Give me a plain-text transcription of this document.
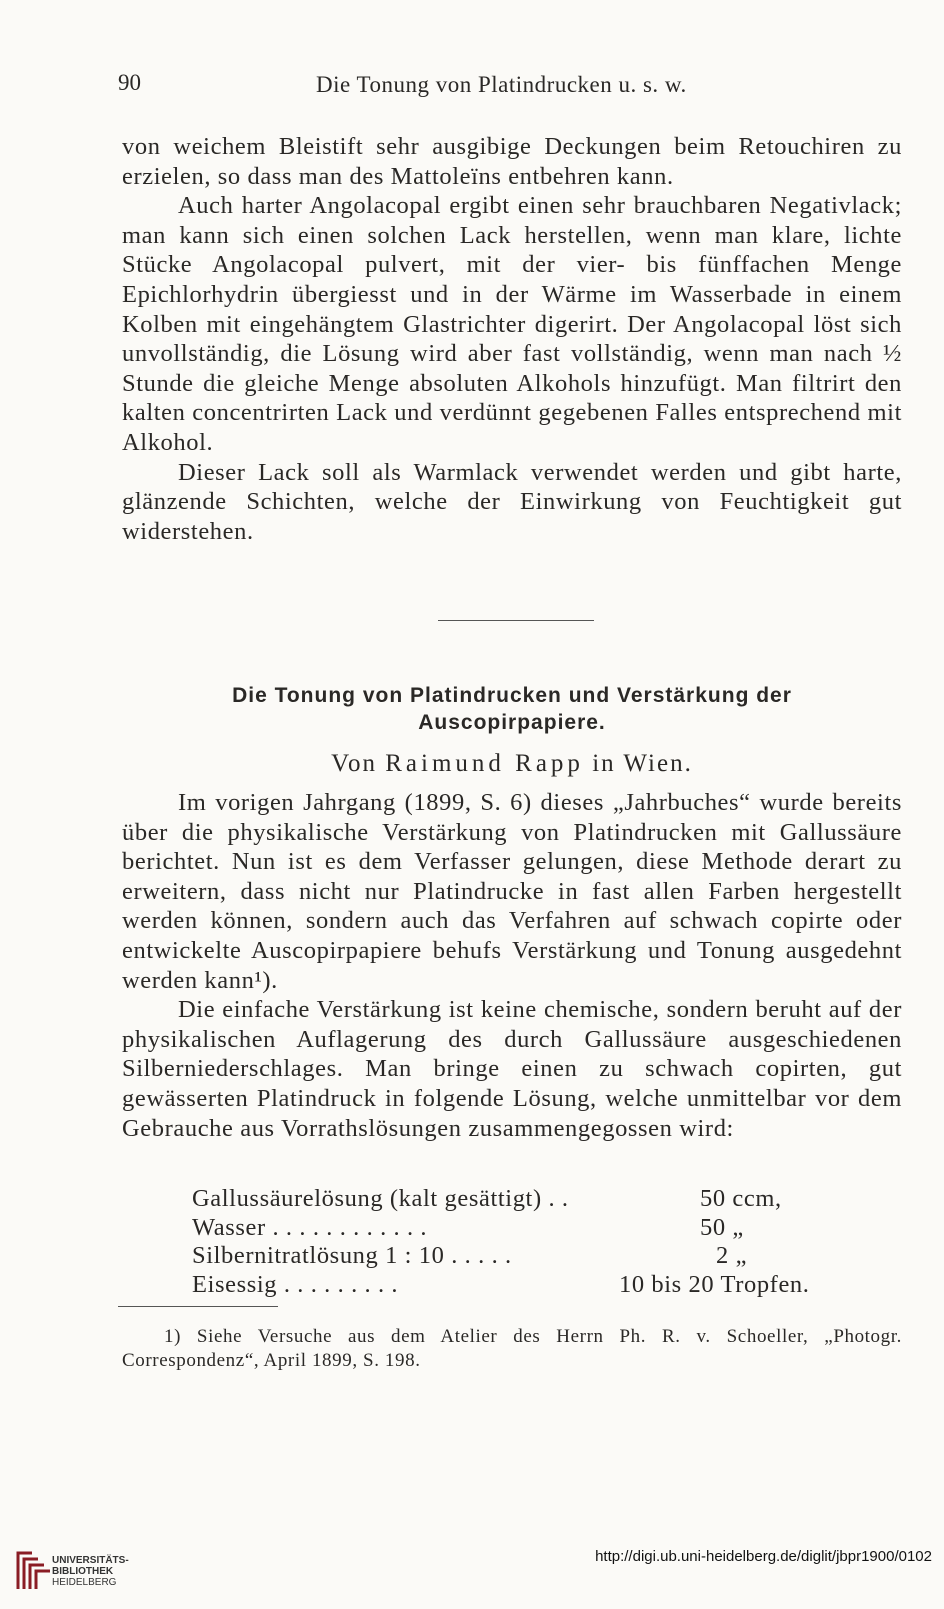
90	Die Tonung von Platindrucken u. s. w.

von weichem Bleistift sehr ausgibige Deckungen beim Retouchiren zu erzielen, so dass man des Mattoleïns entbehren kann.

Auch harter Angolacopal ergibt einen sehr brauchbaren Negativlack; man kann sich einen solchen Lack herstellen, wenn man klare, lichte Stücke Angolacopal pulvert, mit der vier- bis fünffachen Menge Epichlorhydrin übergiesst und in der Wärme im Wasserbade in einem Kolben mit eingehängtem Glastrichter digerirt. Der Angolacopal löst sich unvollständig, die Lösung wird aber fast vollständig, wenn man nach ½ Stunde die gleiche Menge absoluten Alkohols hinzufügt. Man filtrirt den kalten concentrirten Lack und verdünnt gegebenen Falles entsprechend mit Alkohol.

Dieser Lack soll als Warmlack verwendet werden und gibt harte, glänzende Schichten, welche der Einwirkung von Feuchtigkeit gut widerstehen.

Die Tonung von Platindrucken und Verstärkung der
Auscopirpapiere.
Von Raimund Rapp in Wien.

Im vorigen Jahrgang (1899, S. 6) dieses „Jahrbuches“ wurde bereits über die physikalische Verstärkung von Platindrucken mit Gallussäure berichtet. Nun ist es dem Verfasser gelungen, diese Methode derart zu erweitern, dass nicht nur Platindrucke in fast allen Farben hergestellt werden können, sondern auch das Verfahren auf schwach copirte oder entwickelte Auscopirpapiere behufs Verstärkung und Tonung ausgedehnt werden kann¹).

Die einfache Verstärkung ist keine chemische, sondern beruht auf der physikalischen Auflagerung des durch Gallussäure ausgeschiedenen Silberniederschlages. Man bringe einen zu schwach copirten, gut gewässerten Platindruck in folgende Lösung, welche unmittelbar vor dem Gebrauche aus Vorrathslösungen zusammengegossen wird:

Gallussäurelösung (kalt gesättigt) . .	50 ccm,
Wasser . . . . . . . . . . . .	50 „
Silbernitratlösung 1 : 10 . . . . .	2 „
Eisessig . . . . . . . . .	10 bis 20 Tropfen.

1) Siehe Versuche aus dem Atelier des Herrn Ph. R. v. Schoeller, „Photogr. Correspondenz“, April 1899, S. 198.

UNIVERSITÄTS-
BIBLIOTHEK
HEIDELBERG
http://digi.ub.uni-heidelberg.de/diglit/jbpr1900/0102
